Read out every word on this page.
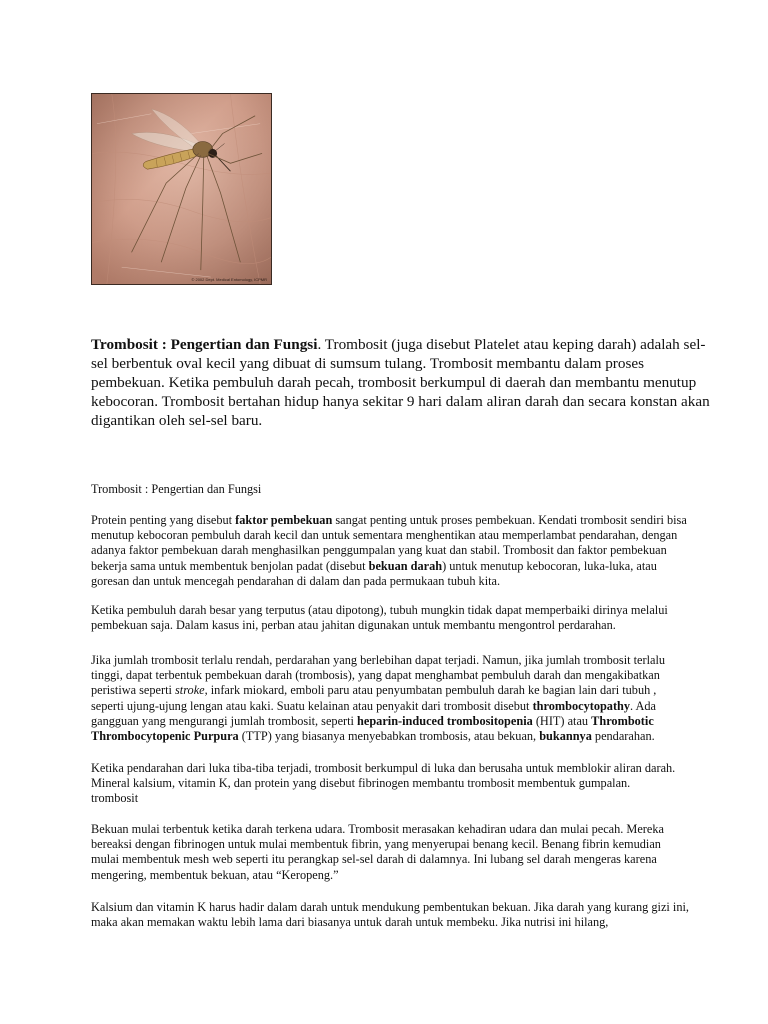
© 2002 Dept. Medical Entomology, ICPMR

Trombosit : Pengertian dan Fungsi. Trombosit (juga disebut Platelet atau keping darah) adalah sel-sel berbentuk oval kecil yang dibuat di sumsum tulang. Trombosit membantu dalam proses pembekuan. Ketika pembuluh darah pecah, trombosit berkumpul di daerah dan membantu menutup kebocoran. Trombosit bertahan hidup hanya sekitar 9 hari dalam aliran darah dan secara konstan akan digantikan oleh sel-sel baru.

Trombosit : Pengertian dan Fungsi

Protein penting yang disebut faktor pembekuan sangat penting untuk proses pembekuan. Kendati trombosit sendiri bisa menutup kebocoran pembuluh darah kecil dan untuk sementara menghentikan atau memperlambat pendarahan, dengan adanya faktor pembekuan darah menghasilkan penggumpalan yang kuat dan stabil. Trombosit dan faktor pembekuan bekerja sama untuk membentuk benjolan padat (disebut bekuan darah) untuk menutup kebocoran, luka-luka, atau goresan dan untuk mencegah pendarahan di dalam dan pada permukaan tubuh kita.

Ketika pembuluh darah besar yang terputus (atau dipotong), tubuh mungkin tidak dapat memperbaiki dirinya melalui pembekuan saja. Dalam kasus ini, perban atau jahitan digunakan untuk membantu mengontrol perdarahan.

Jika jumlah trombosit terlalu rendah, perdarahan yang berlebihan dapat terjadi. Namun, jika jumlah trombosit terlalu tinggi, dapat terbentuk pembekuan darah (trombosis), yang dapat menghambat pembuluh darah dan mengakibatkan peristiwa seperti stroke, infark miokard, emboli paru atau penyumbatan pembuluh darah ke bagian lain dari tubuh , seperti ujung-ujung lengan atau kaki. Suatu kelainan atau penyakit dari trombosit disebut thrombocytopathy. Ada gangguan yang mengurangi jumlah trombosit, seperti heparin-induced trombositopenia (HIT) atau Thrombotic Thrombocytopenic Purpura (TTP) yang biasanya menyebabkan trombosis, atau bekuan, bukannya pendarahan.

Ketika pendarahan dari luka tiba-tiba terjadi, trombosit berkumpul di luka dan berusaha untuk memblokir aliran darah. Mineral kalsium, vitamin K, dan protein yang disebut fibrinogen membantu trombosit membentuk gumpalan.
trombosit

Bekuan mulai terbentuk ketika darah terkena udara. Trombosit merasakan kehadiran udara dan mulai pecah. Mereka bereaksi dengan fibrinogen untuk mulai membentuk fibrin, yang menyerupai benang kecil. Benang fibrin kemudian mulai membentuk mesh web seperti itu perangkap sel-sel darah di dalamnya. Ini lubang sel darah mengeras karena mengering, membentuk bekuan, atau “Keropeng.”

Kalsium dan vitamin K harus hadir dalam darah untuk mendukung pembentukan bekuan. Jika darah yang kurang gizi ini, maka akan memakan waktu lebih lama dari biasanya untuk darah untuk membeku. Jika nutrisi ini hilang,
